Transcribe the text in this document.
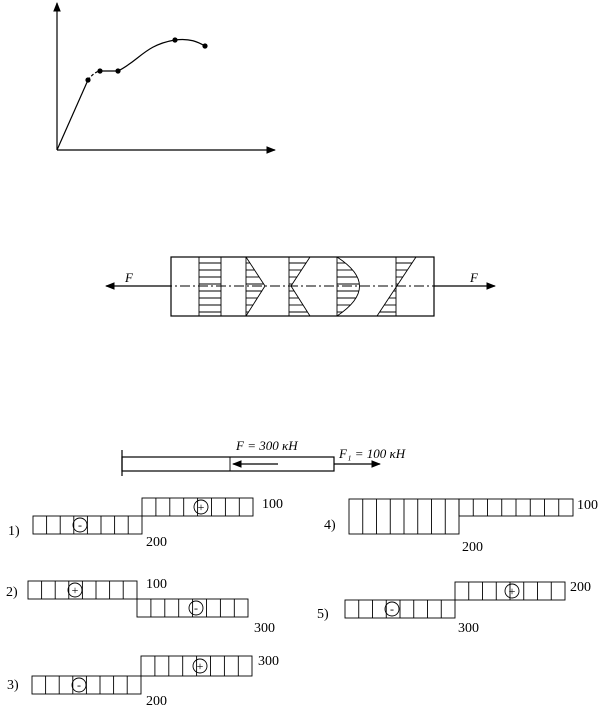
F	F
F = 300 κH
F₁ = 100 κH
1)	-
+	100
200
2)	+
-
100
300
3)	-
+	300
200
4)
100
200
5)	-
+	200
300
